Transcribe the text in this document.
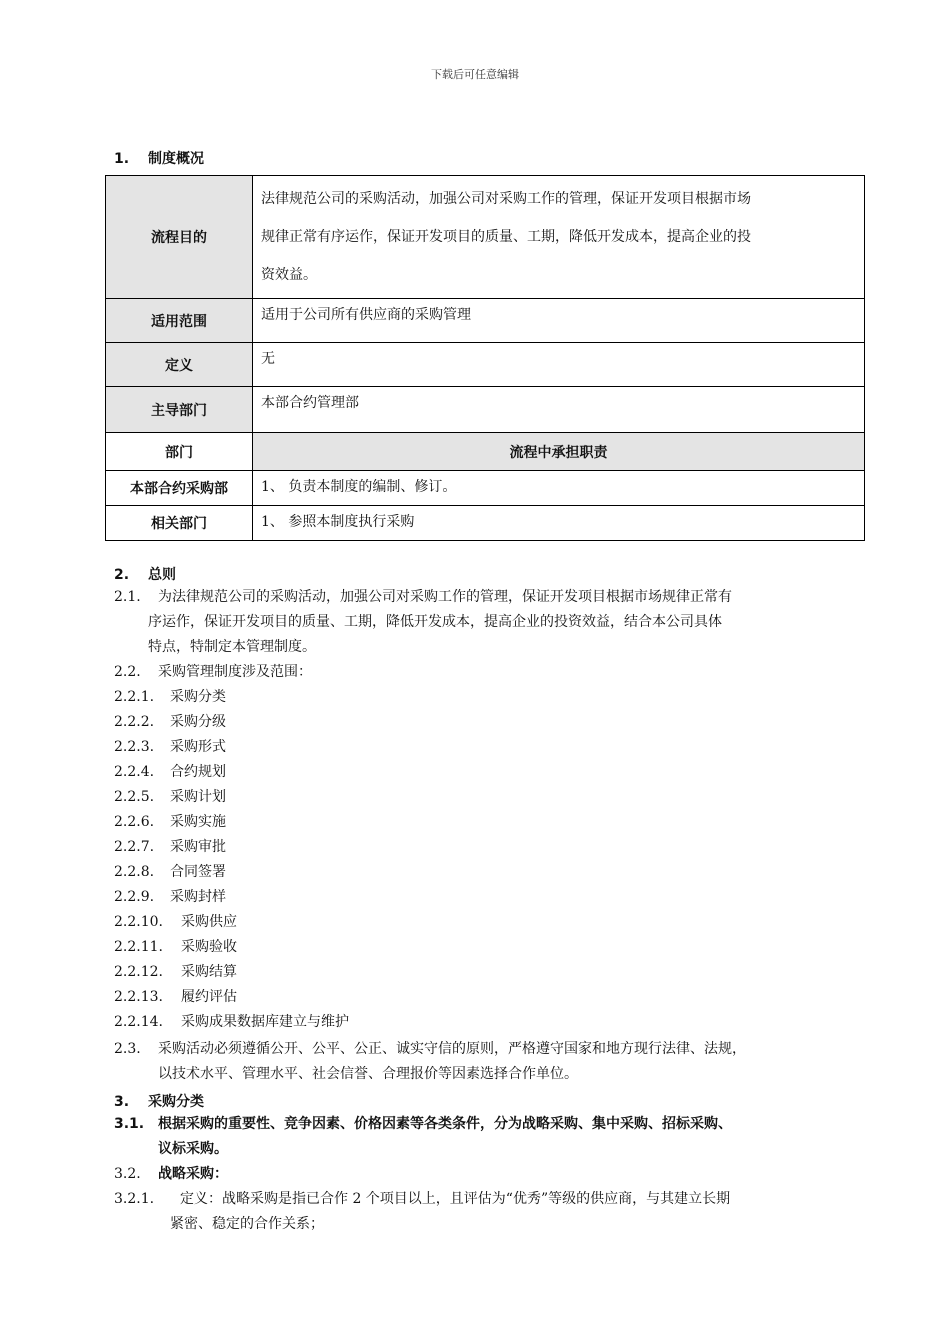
下载后可任意编辑
1. 制度概况
流程目的	法律规范公司的采购活动，加强公司对采购工作的管理，保证开发项目根据市场
规律正常有序运作，保证开发项目的质量、工期，降低开发成本，提高企业的投
资效益。

适用范围	适用于公司所有供应商的采购管理
定义	无
主导部门	本部合约管理部
部门	流程中承担职责
本部合约采购部	1、 负责本制度的编制、修订。
相关部门	1、 参照本制度执行采购
2. 总则
2.1. 为法律规范公司的采购活动，加强公司对采购工作的管理，保证开发项目根据市场规律正常有
序运作，保证开发项目的质量、工期，降低开发成本，提高企业的投资效益，结合本公司具体
特点，特制定本管理制度。
2.2. 采购管理制度涉及范围：
2.2.1. 采购分类
2.2.2. 采购分级
2.2.3. 采购形式
2.2.4. 合约规划
2.2.5. 采购计划
2.2.6. 采购实施
2.2.7. 采购审批
2.2.8. 合同签署
2.2.9. 采购封样
2.2.10. 采购供应
2.2.11. 采购验收
2.2.12. 采购结算
2.2.13. 履约评估
2.2.14. 采购成果数据库建立与维护
2.3. 采购活动必须遵循公开、公平、公正、诚实守信的原则，严格遵守国家和地方现行法律、法规，
以技术水平、管理水平、社会信誉、合理报价等因素选择合作单位。
3. 采购分类
3.1. 根据采购的重要性、竞争因素、价格因素等各类条件，分为战略采购、集中采购、招标采购、
议标采购。
3.2. 战略采购：
3.2.1. 定义：战略采购是指已合作 2 个项目以上，且评估为“优秀”等级的供应商，与其建立长期
紧密、稳定的合作关系；
